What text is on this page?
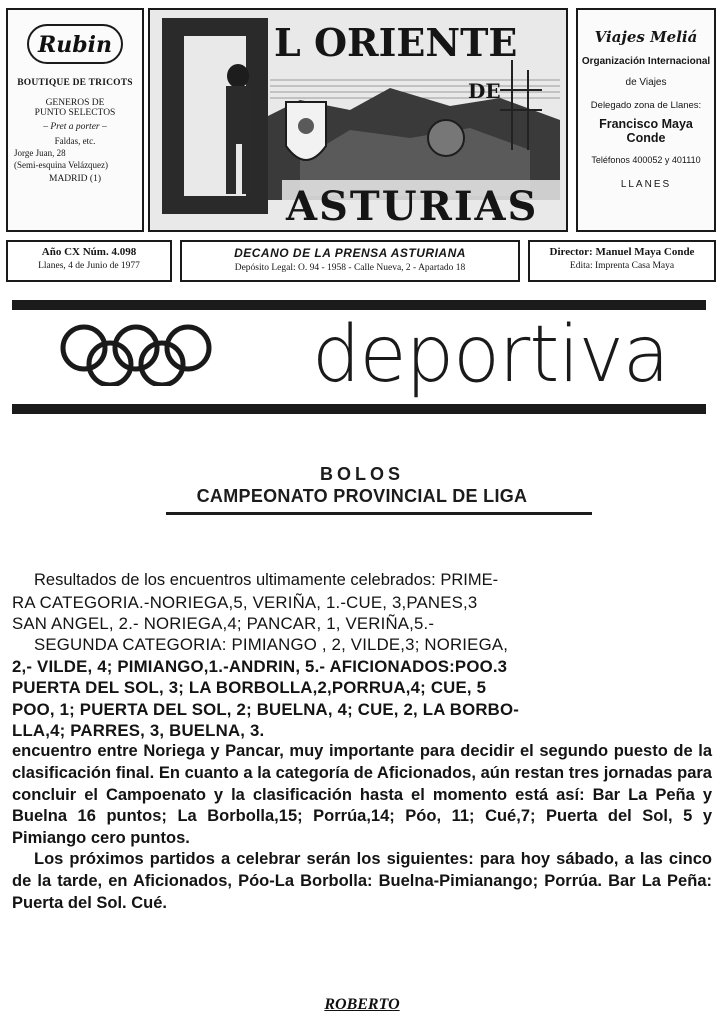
Rubin
BOUTIQUE DE TRICOTS
GENEROS DE
PUNTO SELECTOS
– Pret a porter –
Faldas, etc.
Jorge Juan, 28
(Semi-esquina Velázquez)
MADRID (1)
L ORIENTE
DE
ASTURIAS
Viajes Meliá
Organización Internacional
de Viajes
Delegado zona de Llanes:
Francisco Maya Conde
Teléfonos 400052 y 401110
LLANES
Año CX Núm. 4.098
Llanes, 4 de Junio de 1977
DECANO DE LA PRENSA ASTURIANA
Depósito Legal: O. 94 - 1958 - Calle Nueva, 2 - Apartado 18
Director: Manuel Maya Conde
Edita: Imprenta Casa Maya
deportiva
BOLOS
CAMPEONATO PROVINCIAL DE LIGA
Resultados de los encuentros ultimamente celebrados: PRIME-
RA CATEGORIA.-NORIEGA,5, VERIÑA, 1.-CUE, 3,PANES,3
SAN ANGEL, 2.- NORIEGA,4; PANCAR, 1, VERIÑA,5.-
SEGUNDA CATEGORIA: PIMIANGO , 2, VILDE,3; NORIEGA,
2,- VILDE, 4; PIMIANGO,1.-ANDRIN, 5.- AFICIONADOS:POO.3
PUERTA DEL SOL, 3; LA BORBOLLA,2,PORRUA,4; CUE, 5
POO, 1; PUERTA DEL SOL, 2; BUELNA, 4; CUE, 2, LA BORBO-
LLA,4; PARRES, 3, BUELNA, 3.
encuentro entre Noriega y Pancar, muy importante para decidir el segundo puesto de la clasificación final. En cuanto a la categoría de Aficionados, aún restan tres jornadas para concluir el Campoenato y la clasificación hasta el momento está así: Bar La Peña y Buelna 16 puntos; La Borbolla,15; Porrúa,14; Póo, 11; Cué,7; Puerta del Sol, 5 y Pimiango cero puntos.
Los próximos partidos a celebrar serán los siguientes: para hoy sábado, a las cinco de la tarde, en Aficionados, Póo-La Borbolla: Buelna-Pimianango; Porrúa. Bar La Peña: Puerta del Sol. Cué.
ROBERTO
